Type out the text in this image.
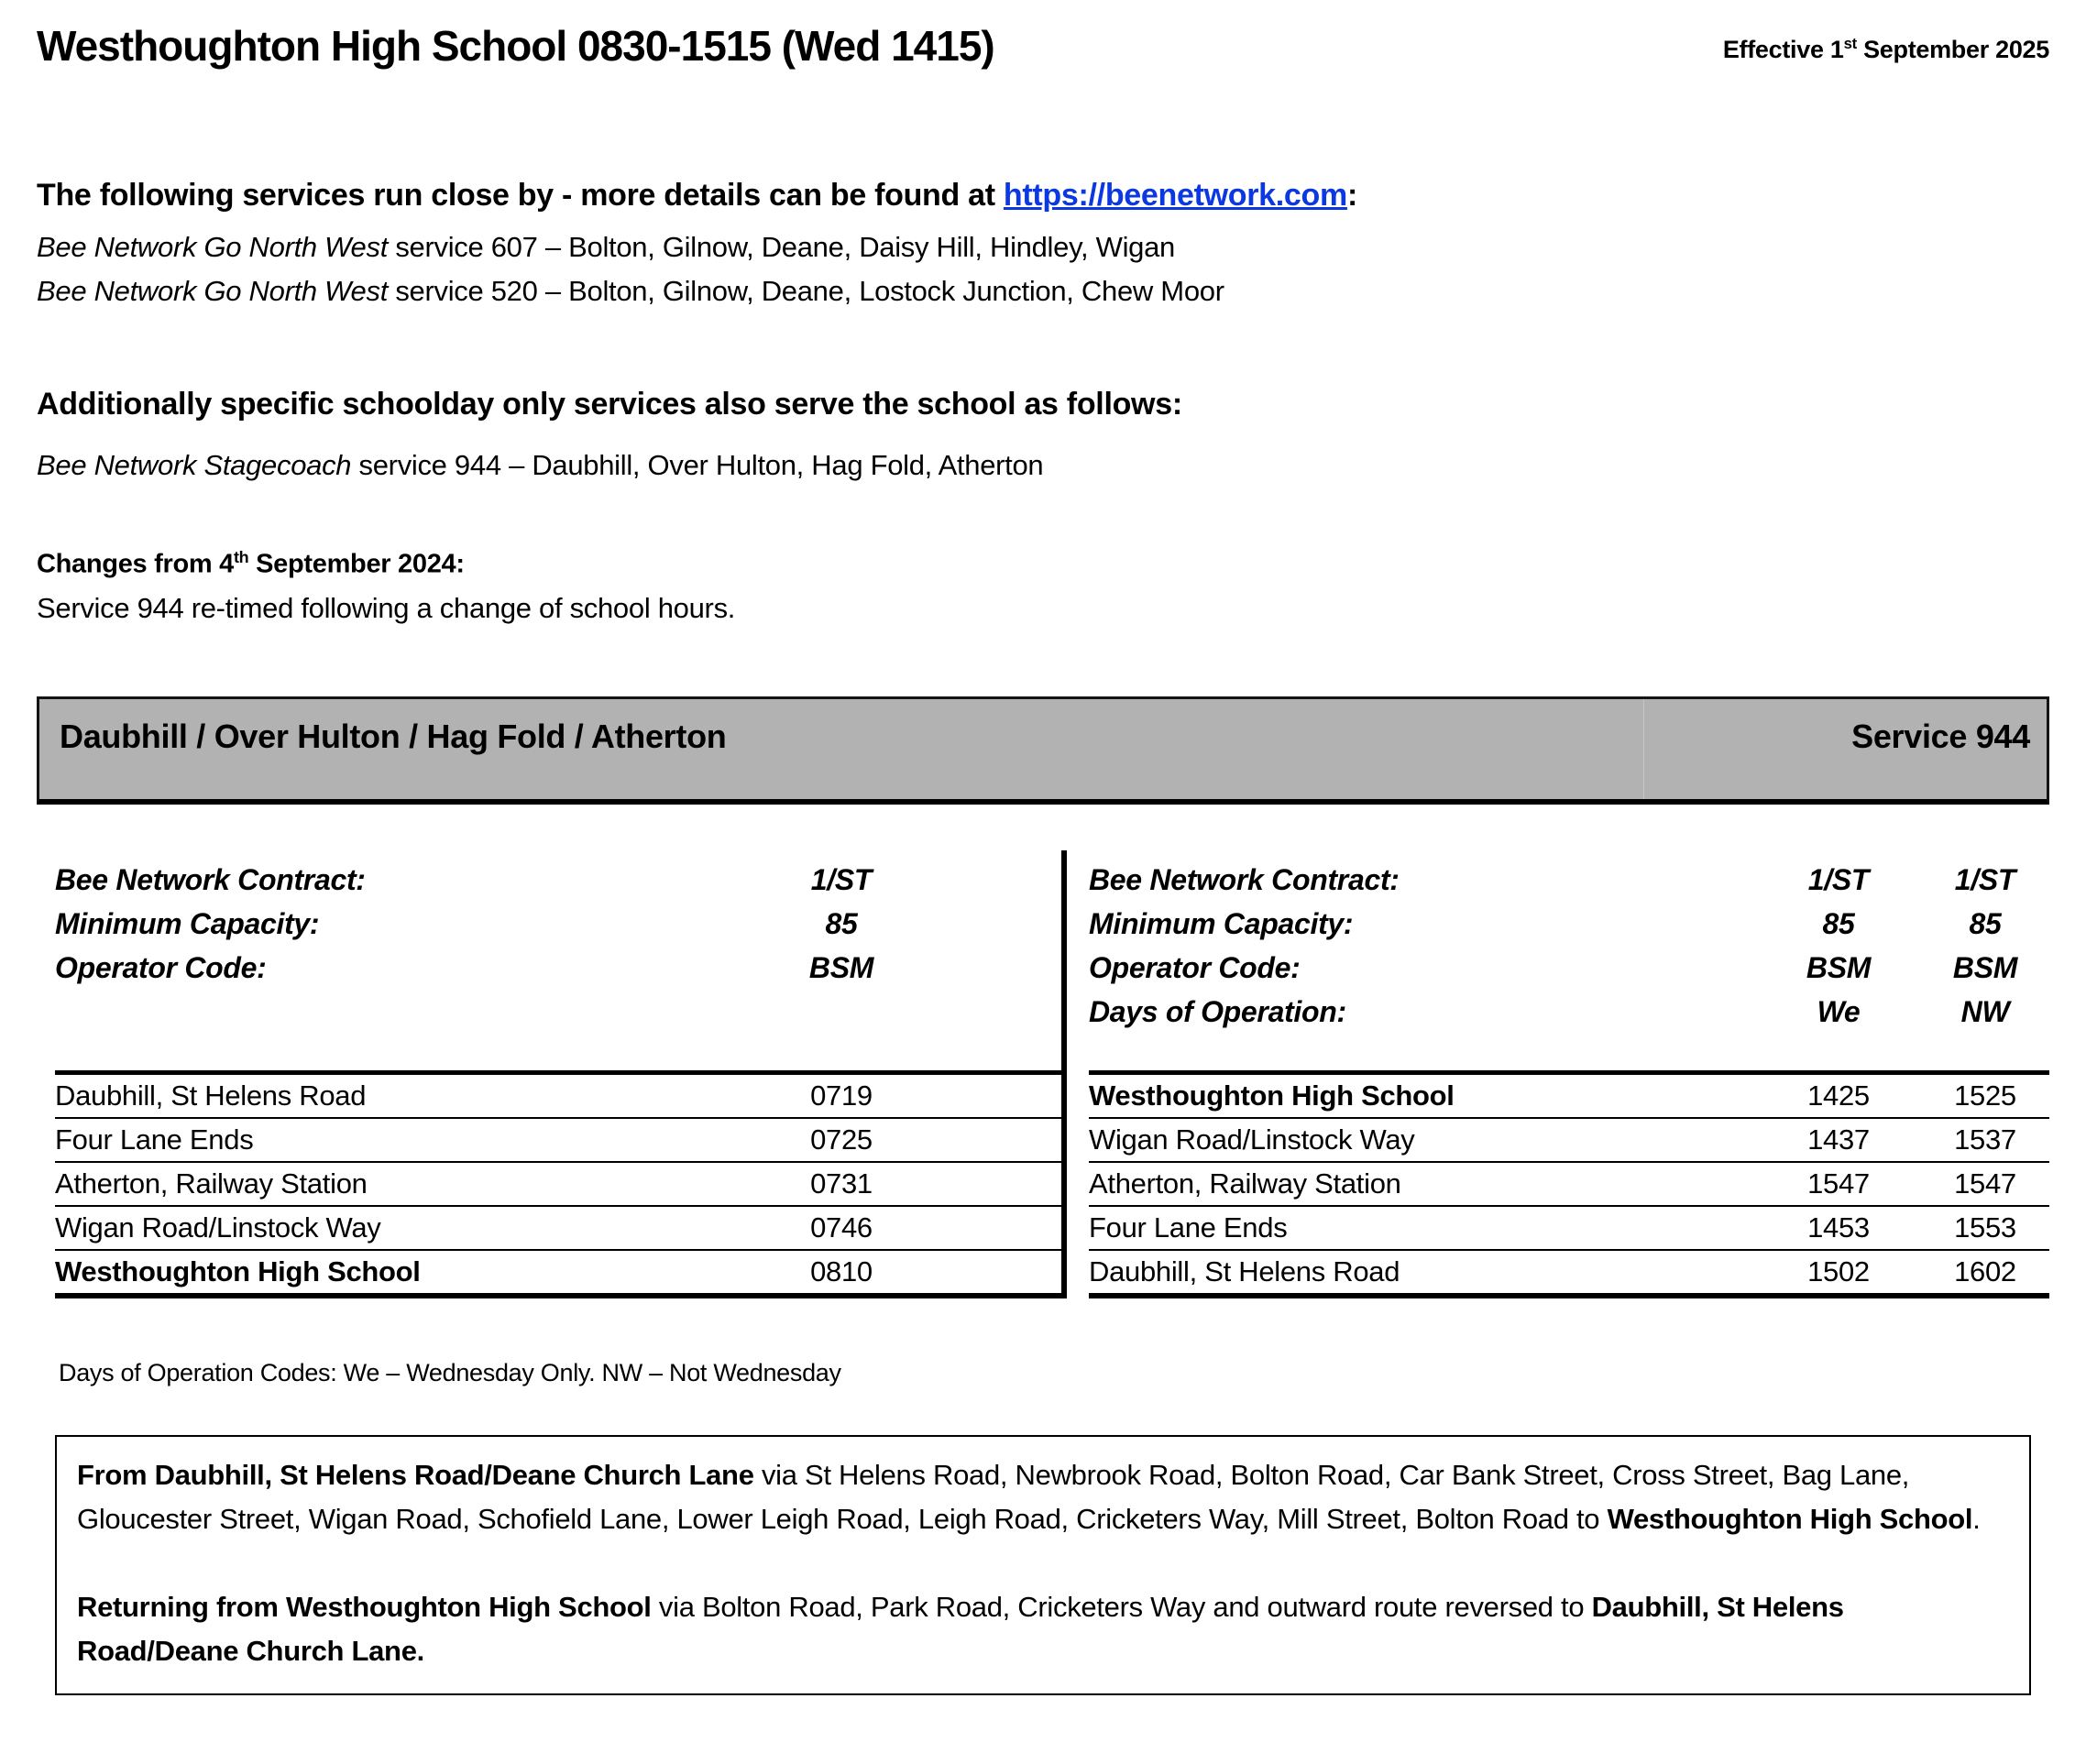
Westhoughton High School 0830-1515 (Wed 1415)	Effective 1st September 2025
The following services run close by - more details can be found at https://beenetwork.com:

Bee Network Go North West service 607 – Bolton, Gilnow, Deane, Daisy Hill, Hindley, Wigan

Bee Network Go North West service 520 – Bolton, Gilnow, Deane, Lostock Junction, Chew Moor

Additionally specific schoolday only services also serve the school as follows:

Bee Network Stagecoach service 944 – Daubhill, Over Hulton, Hag Fold, Atherton

Changes from 4th September 2024:

Service 944 re-timed following a change of school hours.

Daubhill / Over Hulton / Hag Fold / Atherton	Service 944
Bee Network Contract:	1/ST
Minimum Capacity:	85
Operator Code:	BSM
Daubhill, St Helens Road	0719
Four Lane Ends	0725
Atherton, Railway Station	0731
Wigan Road/Linstock Way	0746
Westhoughton High School	0810
Bee Network Contract:	1/ST	1/ST
Minimum Capacity:	85	85
Operator Code:	BSM	BSM
Days of Operation:	We	NW
Westhoughton High School	1425	1525
Wigan Road/Linstock Way	1437	1537
Atherton, Railway Station	1547	1547
Four Lane Ends	1453	1553
Daubhill, St Helens Road	1502	1602

Days of Operation Codes: We – Wednesday Only. NW – Not Wednesday

From Daubhill, St Helens Road/Deane Church Lane via St Helens Road, Newbrook Road, Bolton Road, Car Bank Street, Cross Street, Bag Lane, Gloucester Street, Wigan Road, Schofield Lane, Lower Leigh Road, Leigh Road, Cricketers Way, Mill Street, Bolton Road to Westhoughton High School.

Returning from Westhoughton High School via Bolton Road, Park Road, Cricketers Way and outward route reversed to Daubhill, St Helens Road/Deane Church Lane.
